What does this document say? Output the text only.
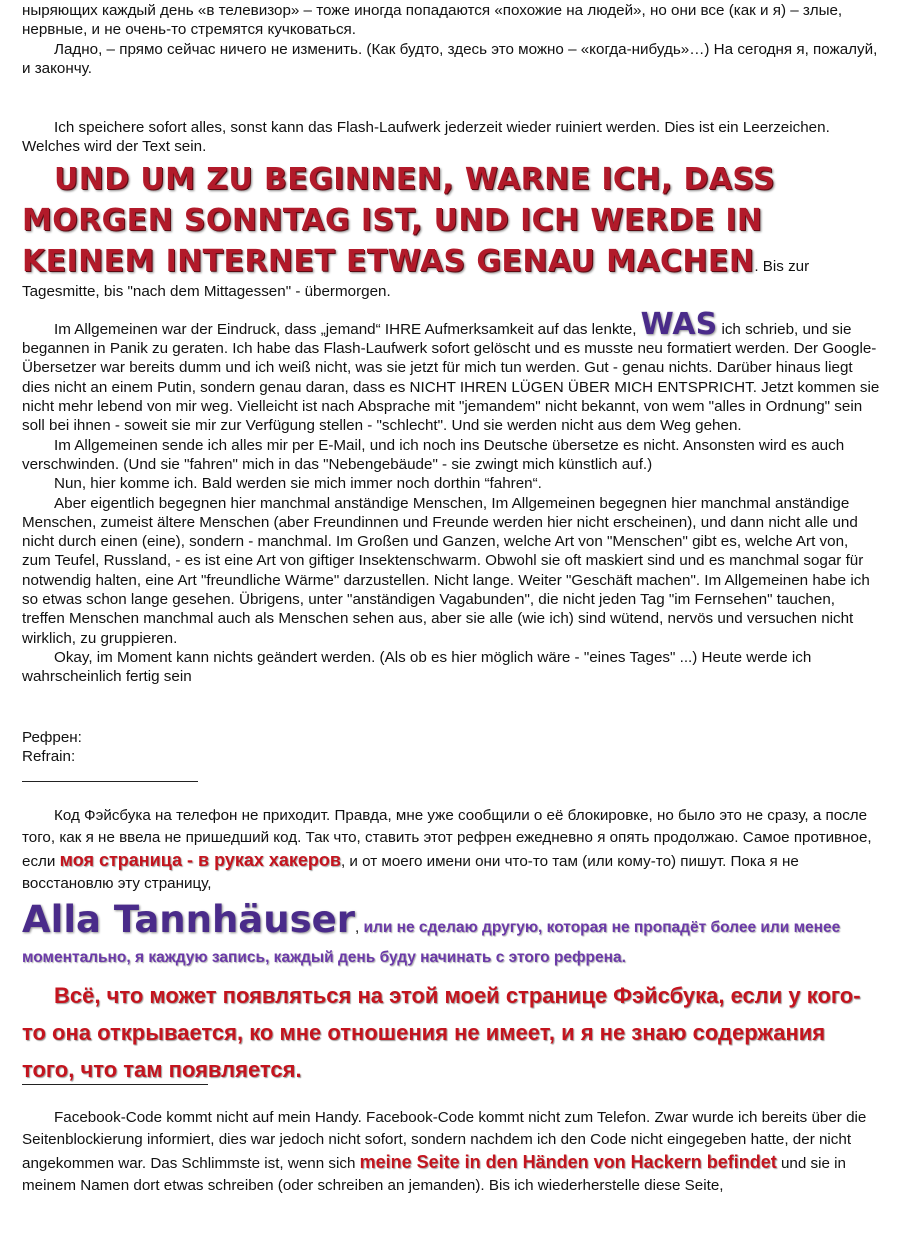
ныряющих каждый день «в телевизор» – тоже иногда попадаются «похожие на людей», но они все (как и я) – злые, нервные, и не очень-то стремятся кучковаться.

Ладно, – прямо сейчас ничего не изменить. (Как будто, здесь это можно – «когда-нибудь»…) На сегодня я, пожалуй, и закончу.

Ich speichere sofort alles, sonst kann das Flash-Laufwerk jederzeit wieder ruiniert werden. Dies ist ein Leerzeichen. Welches wird der Text sein.

UND UM ZU BEGINNEN, WARNE ICH, DASS MORGEN SONNTAG IST, UND ICH WERDE IN KEINEM INTERNET ETWAS GENAU MACHEN. Bis zur Tagesmitte, bis "nach dem Mittagessen" - übermorgen.

Im Allgemeinen war der Eindruck, dass „jemand“ IHRE Aufmerksamkeit auf das lenkte, WAS ich schrieb, und sie begannen in Panik zu geraten. Ich habe das Flash-Laufwerk sofort gelöscht und es musste neu formatiert werden. Der Google-Übersetzer war bereits dumm und ich weiß nicht, was sie jetzt für mich tun werden. Gut - genau nichts. Darüber hinaus liegt dies nicht an einem Putin, sondern genau daran, dass es NICHT IHREN LÜGEN ÜBER MICH ENTSPRICHT. Jetzt kommen sie nicht mehr lebend von mir weg. Vielleicht ist nach Absprache mit "jemandem" nicht bekannt, von wem "alles in Ordnung" sein soll bei ihnen - soweit sie mir zur Verfügung stellen - "schlecht". Und sie werden nicht aus dem Weg gehen.

Im Allgemeinen sende ich alles mir per E-Mail, und ich noch ins Deutsche übersetze es nicht. Ansonsten wird es auch verschwinden. (Und sie "fahren" mich in das "Nebengebäude" - sie zwingt mich künstlich auf.)

Nun, hier komme ich. Bald werden sie mich immer noch dorthin “fahren“.

Aber eigentlich begegnen hier manchmal anständige Menschen, Im Allgemeinen begegnen hier manchmal anständige Menschen, zumeist ältere Menschen (aber Freundinnen und Freunde werden hier nicht erscheinen), und dann nicht alle und nicht durch einen (eine), sondern - manchmal. Im Großen und Ganzen, welche Art von "Menschen" gibt es, welche Art von, zum Teufel, Russland, - es ist eine Art von giftiger Insektenschwarm. Obwohl sie oft maskiert sind und es manchmal sogar für notwendig halten, eine Art "freundliche Wärme" darzustellen. Nicht lange. Weiter "Geschäft machen". Im Allgemeinen habe ich so etwas schon lange gesehen. Übrigens, unter "anständigen Vagabunden", die nicht jeden Tag "im Fernsehen" tauchen, treffen Menschen manchmal auch als Menschen sehen aus, aber sie alle (wie ich) sind wütend, nervös und versuchen nicht wirklich, zu gruppieren.

Okay, im Moment kann nichts geändert werden. (Als ob es hier möglich wäre - "eines Tages" ...) Heute werde ich wahrscheinlich fertig sein

Рефрен:

Refrain:

Код Фэйсбука на телефон не приходит. Правда, мне уже сообщили о её блокировке, но было это не сразу, а после того, как я не ввела не пришедший код. Так что, ставить этот рефрен ежедневно я опять продолжаю. Самое противное, если моя страница - в руках хакеров, и от моего имени они что-то там (или кому-то) пишут. Пока я не восстановлю эту страницу,

Alla Tannhäuser, или не сделаю другую, которая не пропадёт более или менее моментально, я каждую запись, каждый день буду начинать с этого рефрена.

Всё, что может появляться на этой моей странице Фэйсбука, если у кого-то она открывается, ко мне отношения не имеет, и я не знаю содержания того, что там появляется.

Facebook-Code kommt nicht auf mein Handy. Facebook-Code kommt nicht zum Telefon. Zwar wurde ich bereits über die Seitenblockierung informiert, dies war jedoch nicht sofort, sondern nachdem ich den Code nicht eingegeben hatte, der nicht angekommen war. Das Schlimmste ist, wenn sich meine Seite in den Händen von Hackern befindet und sie in meinem Namen dort etwas schreiben (oder schreiben an jemanden). Bis ich wiederherstelle diese Seite,
